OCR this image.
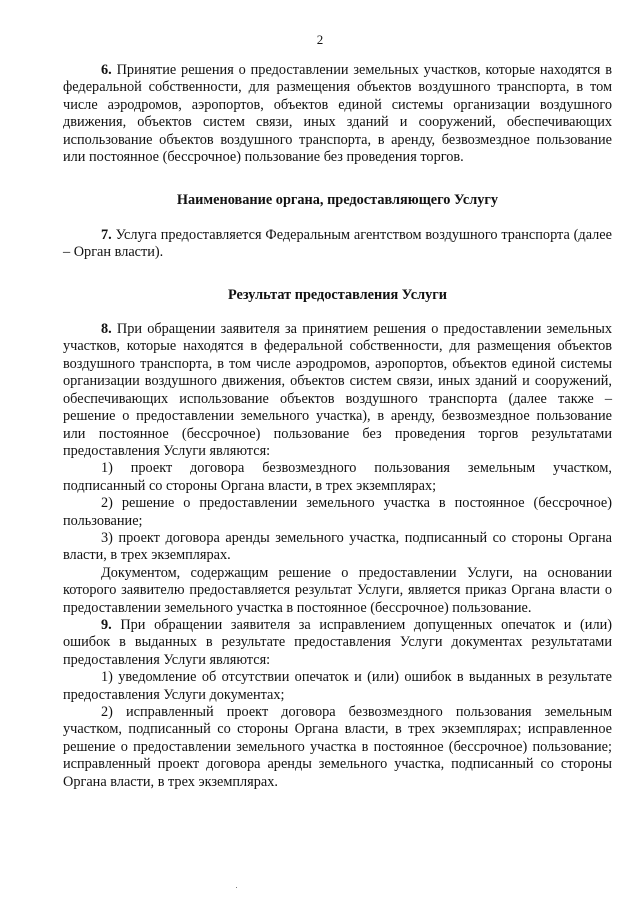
2

6. Принятие решения о предоставлении земельных участков, которые находятся в федеральной собственности, для размещения объектов воздушного транспорта, в том числе аэродромов, аэропортов, объектов единой системы организации воздушного движения, объектов систем связи, иных зданий и сооружений, обеспечивающих использование объектов воздушного транспорта, в аренду, безвозмездное пользование или постоянное (бессрочное) пользование без проведения торгов.

Наименование органа, предоставляющего Услугу

7. Услуга предоставляется Федеральным агентством воздушного транспорта (далее – Орган власти).

Результат предоставления Услуги

8. При обращении заявителя за принятием решения о предоставлении земельных участков, которые находятся в федеральной собственности, для размещения объектов воздушного транспорта, в том числе аэродромов, аэропортов, объектов единой системы организации воздушного движения, объектов систем связи, иных зданий и сооружений, обеспечивающих использование объектов воздушного транспорта (далее также – решение о предоставлении земельного участка), в аренду, безвозмездное пользование или постоянное (бессрочное) пользование без проведения торгов результатами предоставления Услуги являются:

1) проект договора безвозмездного пользования земельным участком, подписанный со стороны Органа власти, в трех экземплярах;

2) решение о предоставлении земельного участка в постоянное (бессрочное) пользование;

3) проект договора аренды земельного участка, подписанный со стороны Органа власти, в трех экземплярах.

Документом, содержащим решение о предоставлении Услуги, на основании которого заявителю предоставляется результат Услуги, является приказ Органа власти о предоставлении земельного участка в постоянное (бессрочное) пользование.

9. При обращении заявителя за исправлением допущенных опечаток и (или) ошибок в выданных в результате предоставления Услуги документах результатами предоставления Услуги являются:

1) уведомление об отсутствии опечаток и (или) ошибок в выданных в результате предоставления Услуги документах;

2) исправленный проект договора безвозмездного пользования земельным участком, подписанный со стороны Органа власти, в трех экземплярах; исправленное решение о предоставлении земельного участка в постоянное (бессрочное) пользование; исправленный проект договора аренды земельного участка, подписанный со стороны Органа власти, в трех экземплярах.
